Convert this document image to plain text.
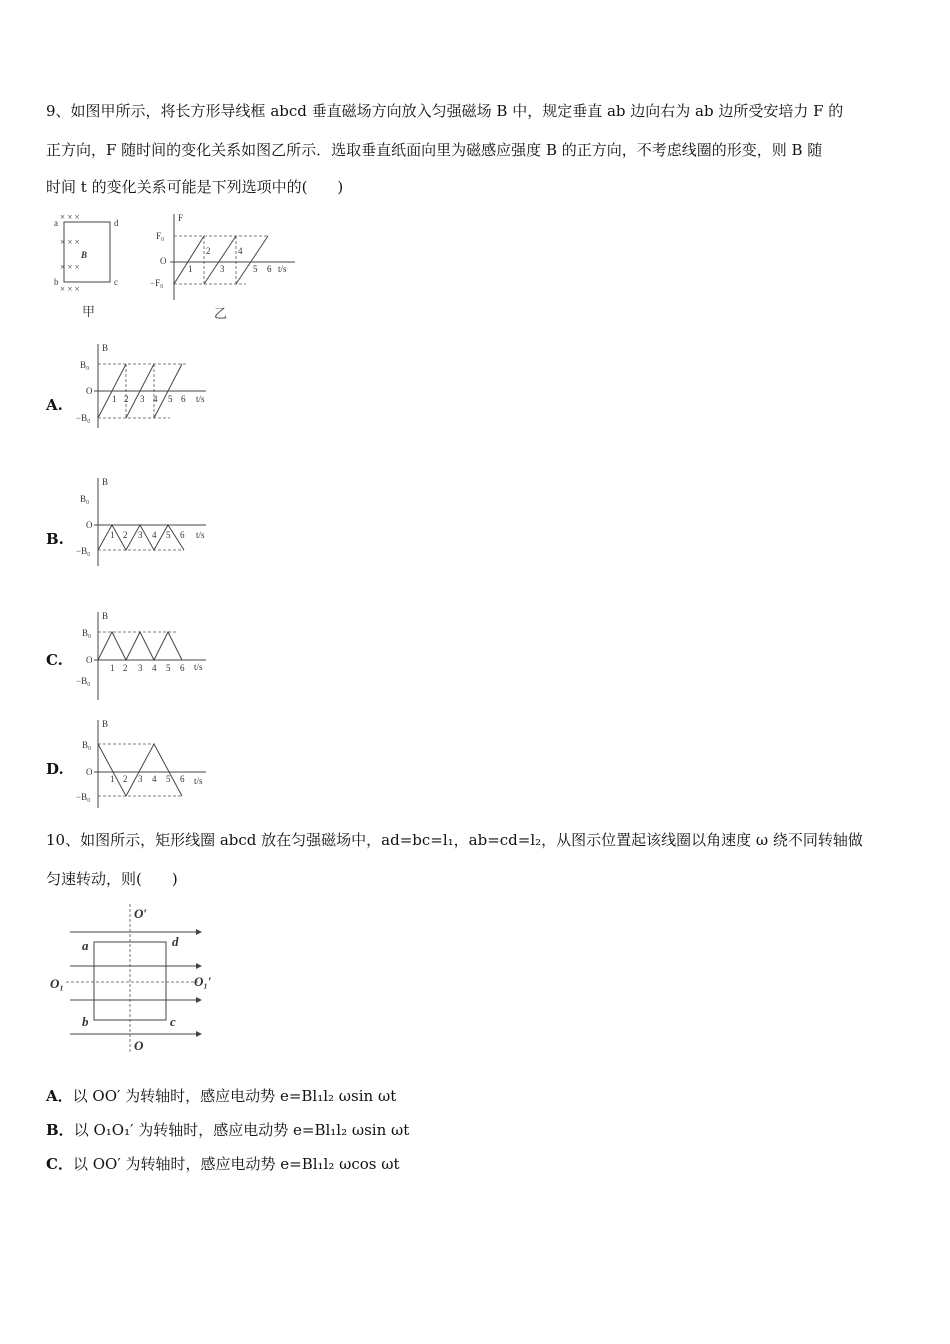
9、如图甲所示，将长方形导线框 abcd 垂直磁场方向放入匀强磁场 B 中，规定垂直 ab 边向右为 ab 边所受安培力 F 的
正方向，F 随时间的变化关系如图乙所示．选取垂直纸面向里为磁感应强度 B 的正方向，不考虑线圈的形变，则 B 随
时间 t 的变化关系可能是下列选项中的(　　)
a	d
b	c
B
× × ×
× × ×
× × ×
× × ×
甲
F
F₀
O
−F₀
t/s
1
2
3
4
5 6
乙
A.
B
B₀
O
−B₀
t/s
1 2 3 4 5 6
B.
B
B₀
O
−B₀
t/s
1 2 3 4 5 6
C.
B
B₀
O
−B₀
t/s
1 2 3 4 5 6
D.
B
B₀
O
−B₀
t/s
1 2 3 4 5 6
10、如图所示，矩形线圈 abcd 放在匀强磁场中，ad=bc=l₁，ab=cd=l₂，从图示位置起该线圈以角速度 ω 绕不同转轴做
匀速转动，则(　　)
O′
O
O₁	O₁′
a	d
b	c
A．以 OO′ 为转轴时，感应电动势 e=Bl₁l₂ ωsin ωt
B．以 O₁O₁′ 为转轴时，感应电动势 e=Bl₁l₂ ωsin ωt
C．以 OO′ 为转轴时，感应电动势 e=Bl₁l₂ ωcos ωt
